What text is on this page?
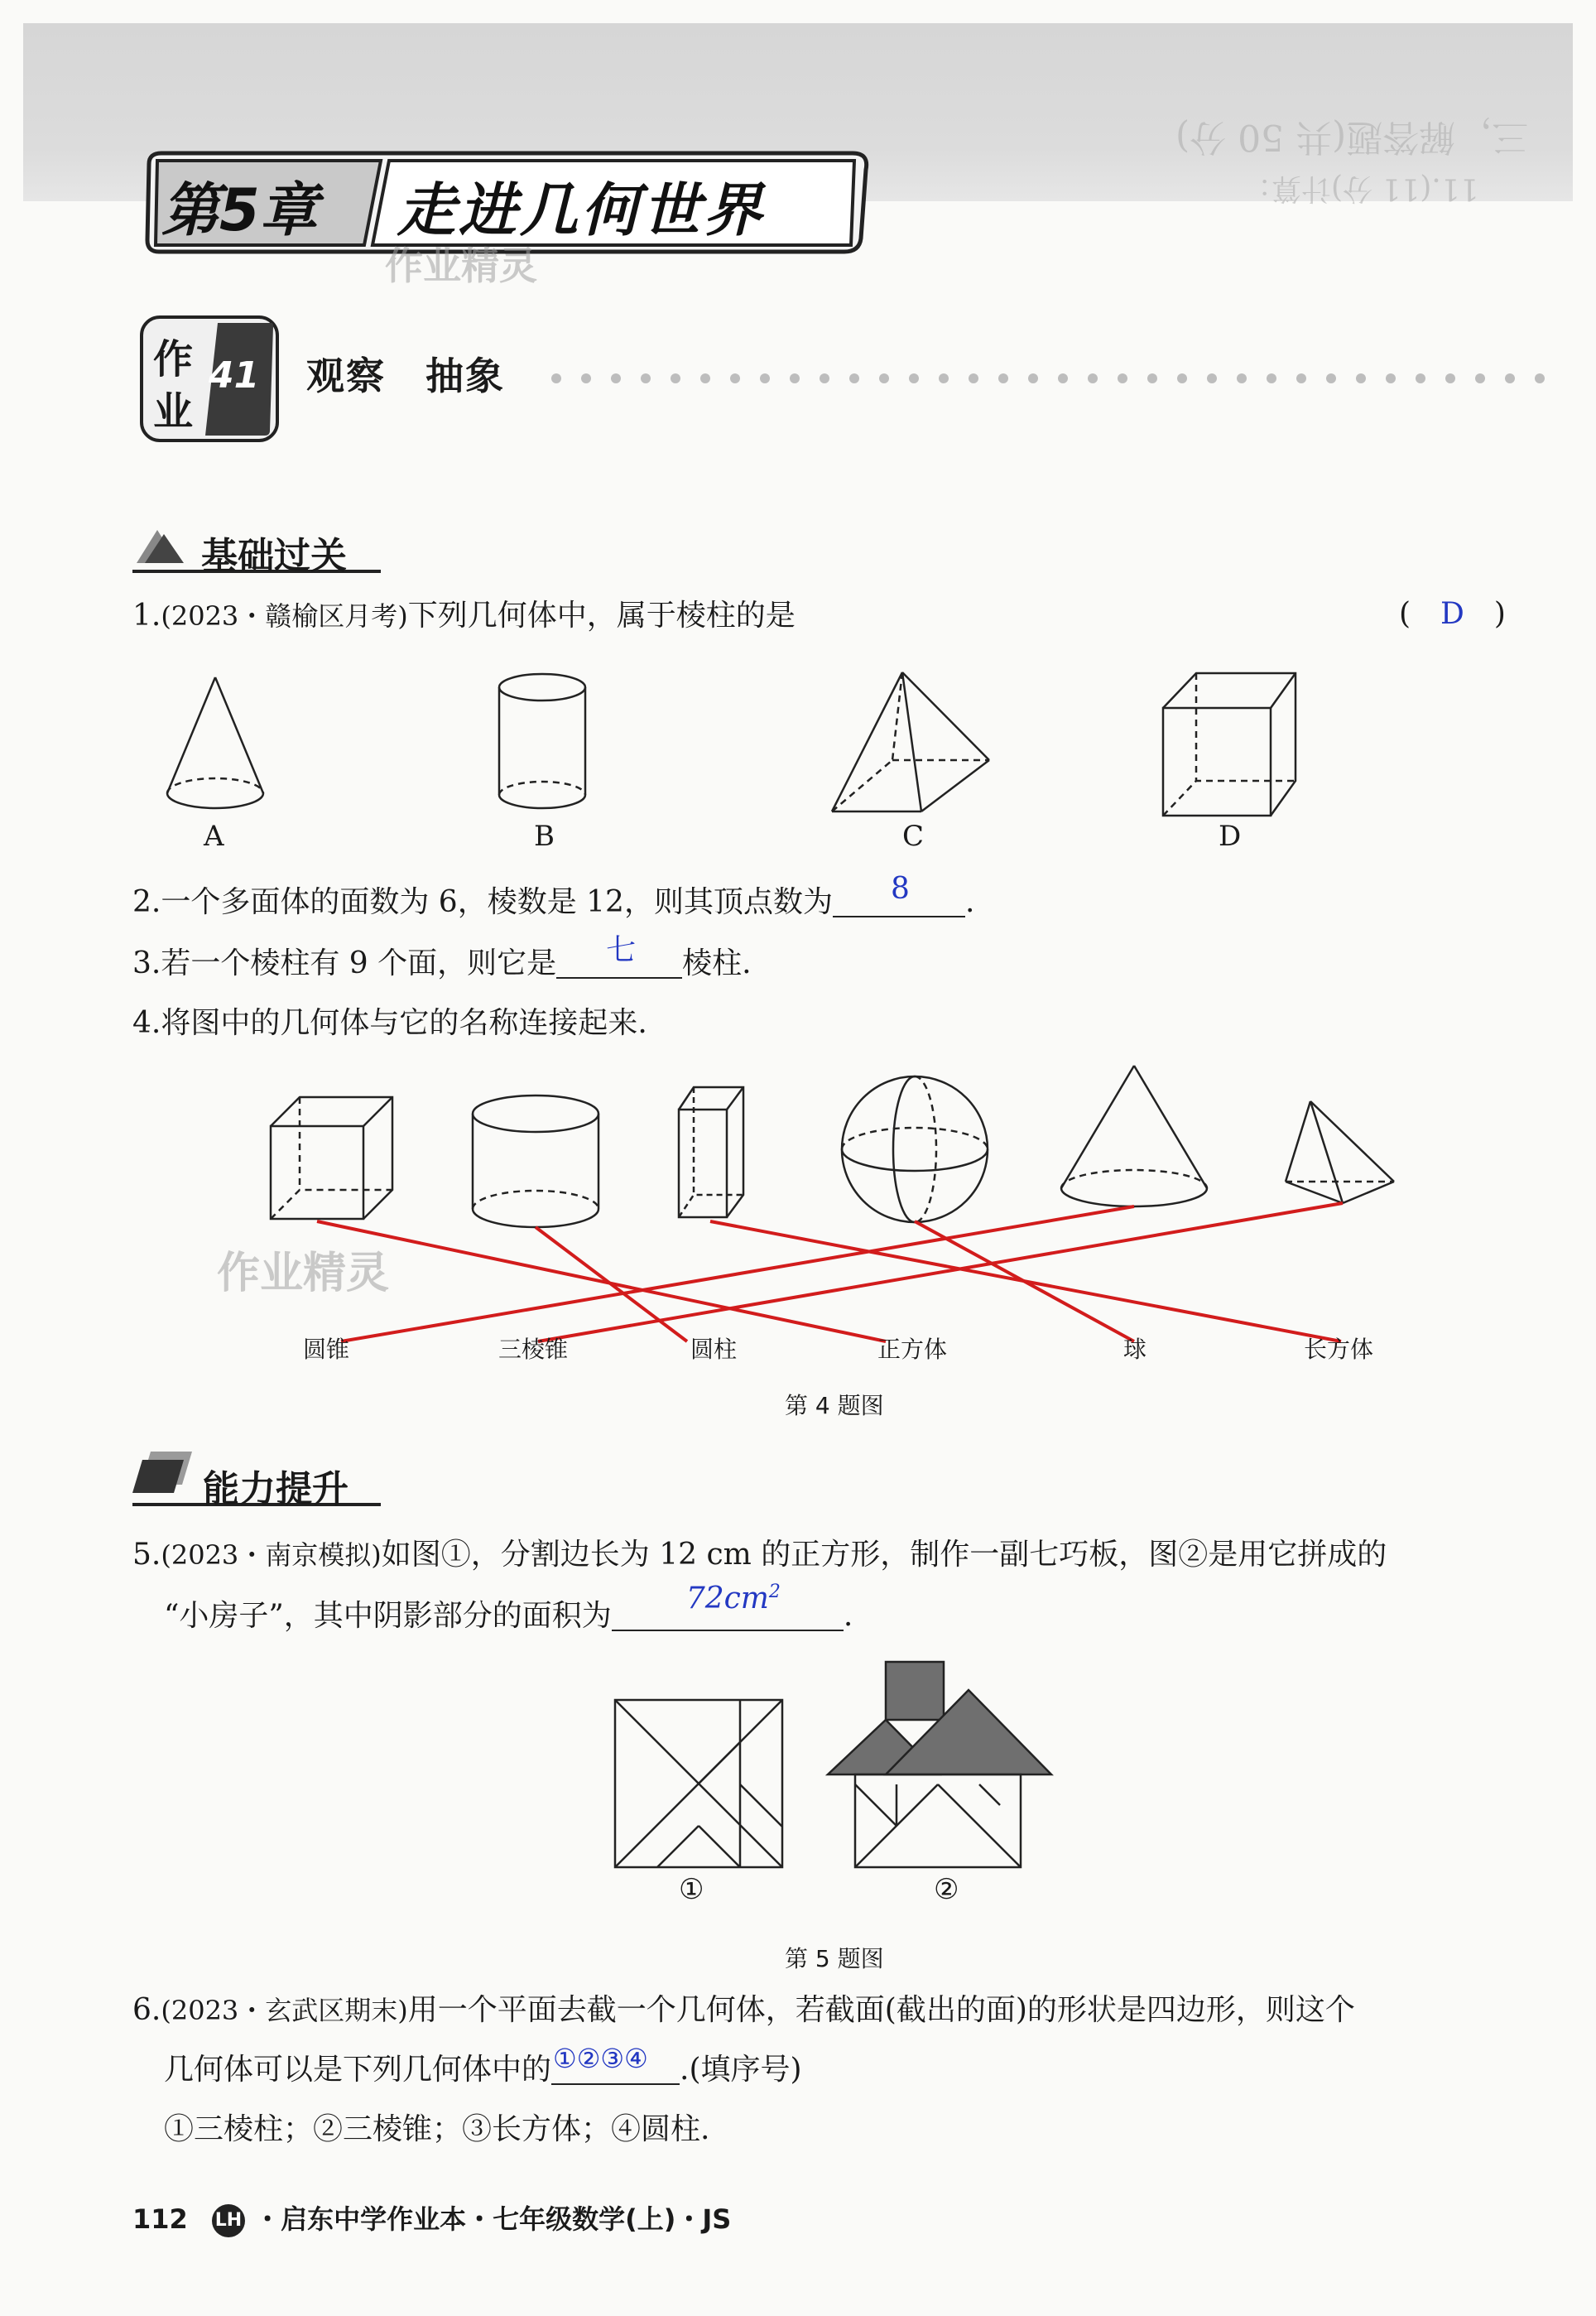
三，解答题(共 50 分)
11.(11 分)计算：
第5章 走进几何世界
作业精灵
作
业
41 观察　抽象
基础过关
1.(2023・赣榆区月考)下列几何体中，属于棱柱的是	(　D　)
A	B	C	D
2.一个多面体的面数为 6，棱数是 12，则其顶点数为 8 .
3.若一个棱柱有 9 个面，则它是 七 棱柱.
4.将图中的几何体与它的名称连接起来.
圆锥	三棱锥	圆柱	正方体	球	长方体
作业精灵
第 4 题图
能力提升
5.(2023・南京模拟)如图①，分割边长为 12 cm 的正方形，制作一副七巧板，图②是用它拼成的
“小房子”，其中阴影部分的面积为
$72cm^2$
.
①	②
第 5 题图
6.(2023・玄武区期末)用一个平面去截一个几何体，若截面(截出的面)的形状是四边形，则这个
几何体可以是下列几何体中的 ①②③④ .(填序号)
①三棱柱；②三棱锥；③长方体；④圆柱.
112 LH ・启东中学作业本・七年级数学(上)・JS
